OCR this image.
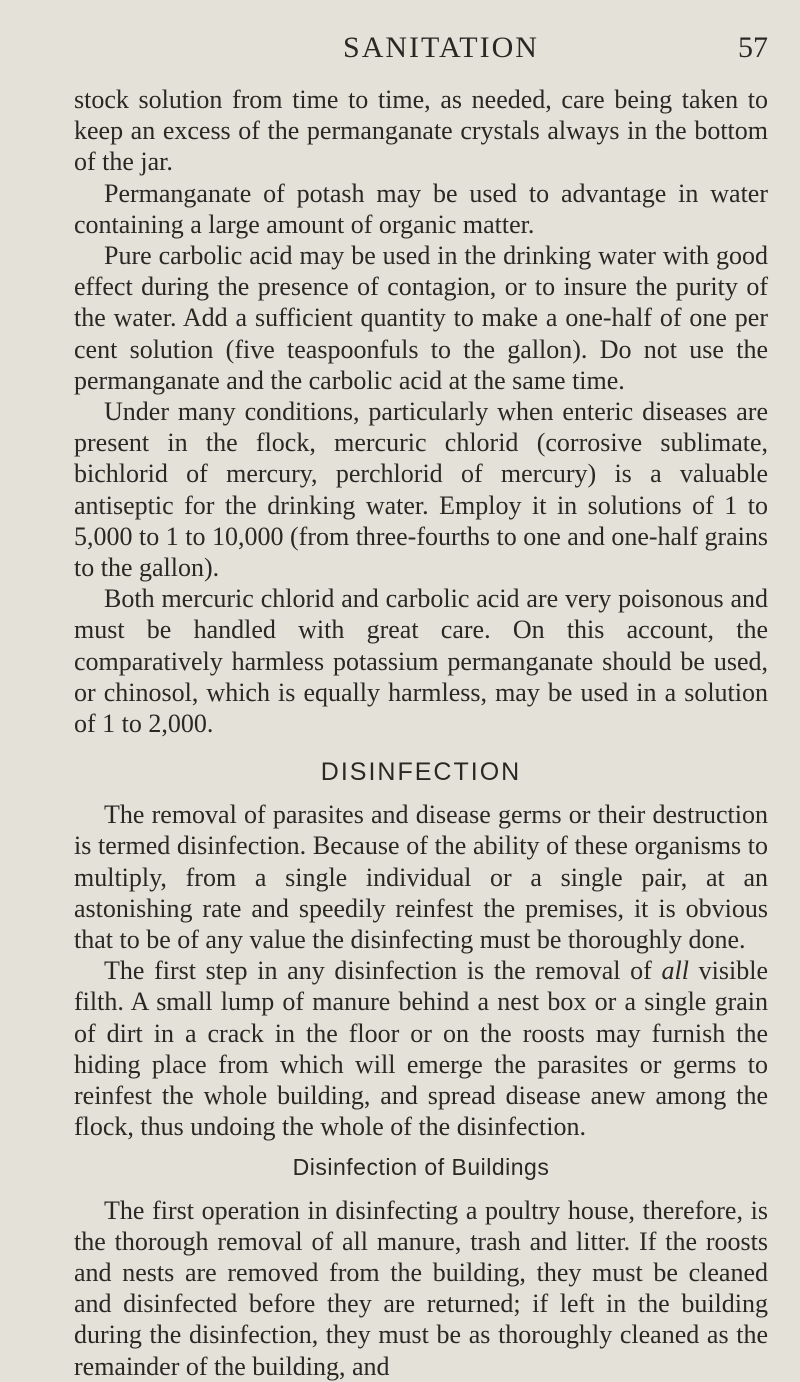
SANITATION	57

stock solution from time to time, as needed, care being taken to keep an excess of the permanganate crystals always in the bottom of the jar.

Permanganate of potash may be used to advantage in water containing a large amount of organic matter.

Pure carbolic acid may be used in the drinking water with good effect during the presence of contagion, or to insure the purity of the water. Add a sufficient quantity to make a one-half of one per cent solution (five teaspoonfuls to the gallon). Do not use the permanganate and the carbolic acid at the same time.

Under many conditions, particularly when enteric diseases are present in the flock, mercuric chlorid (corrosive sublimate, bichlorid of mercury, perchlorid of mercury) is a valuable antiseptic for the drinking water. Employ it in solutions of 1 to 5,000 to 1 to 10,000 (from three-fourths to one and one-half grains to the gallon).

Both mercuric chlorid and carbolic acid are very poisonous and must be handled with great care. On this account, the comparatively harmless potassium permanganate should be used, or chinosol, which is equally harmless, may be used in a solution of 1 to 2,000.

DISINFECTION

The removal of parasites and disease germs or their destruction is termed disinfection. Because of the ability of these organisms to multiply, from a single individual or a single pair, at an astonishing rate and speedily reinfest the premises, it is obvious that to be of any value the disinfecting must be thoroughly done.

The first step in any disinfection is the removal of all visible filth. A small lump of manure behind a nest box or a single grain of dirt in a crack in the floor or on the roosts may furnish the hiding place from which will emerge the parasites or germs to reinfest the whole building, and spread disease anew among the flock, thus undoing the whole of the disinfection.

Disinfection of Buildings

The first operation in disinfecting a poultry house, therefore, is the thorough removal of all manure, trash and litter. If the roosts and nests are removed from the building, they must be cleaned and disinfected before they are returned; if left in the building during the disinfection, they must be as thoroughly cleaned as the remainder of the building, and
